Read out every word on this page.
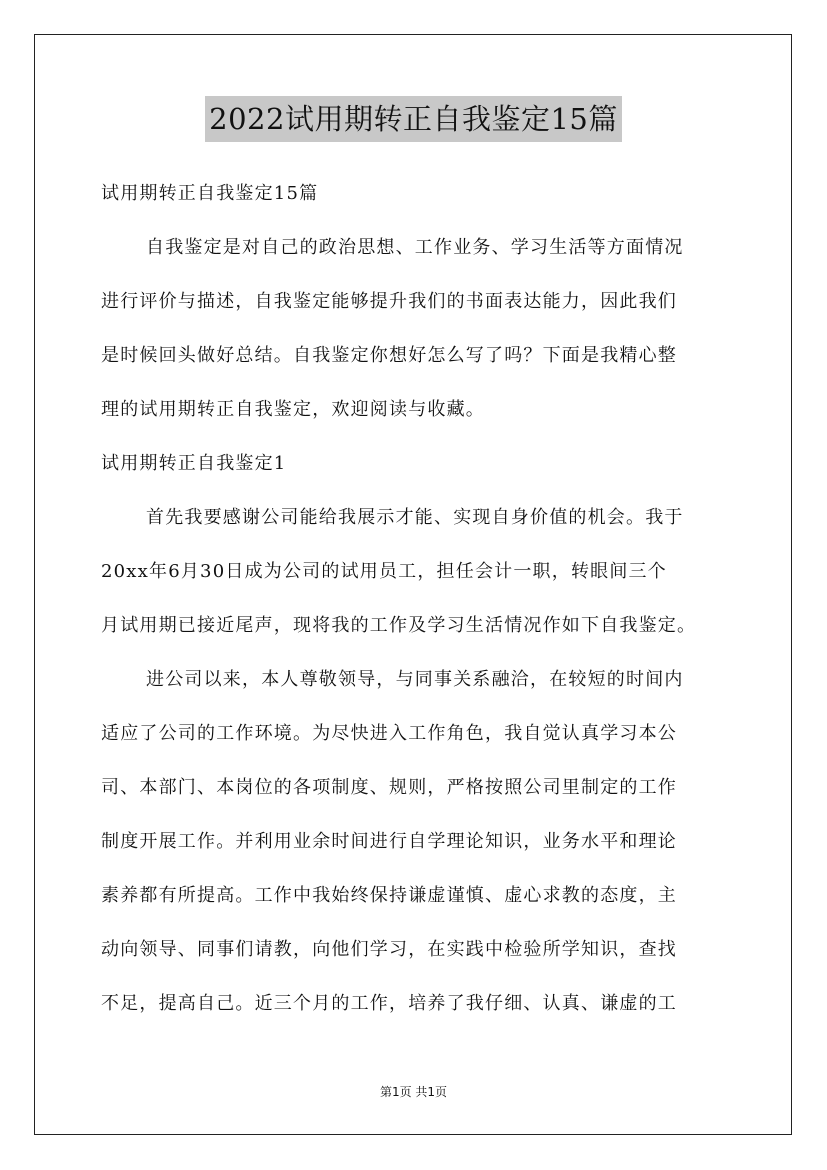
2022试用期转正自我鉴定15篇
试用期转正自我鉴定15篇
自我鉴定是对自己的政治思想、工作业务、学习生活等方面情况
进行评价与描述，自我鉴定能够提升我们的书面表达能力，因此我们
是时候回头做好总结。自我鉴定你想好怎么写了吗？下面是我精心整
理的试用期转正自我鉴定，欢迎阅读与收藏。
试用期转正自我鉴定1
首先我要感谢公司能给我展示才能、实现自身价值的机会。我于
20xx年6月30日成为公司的试用员工，担任会计一职，转眼间三个
月试用期已接近尾声，现将我的工作及学习生活情况作如下自我鉴定。
进公司以来，本人尊敬领导，与同事关系融洽，在较短的时间内
适应了公司的工作环境。为尽快进入工作角色，我自觉认真学习本公
司、本部门、本岗位的各项制度、规则，严格按照公司里制定的工作
制度开展工作。并利用业余时间进行自学理论知识，业务水平和理论
素养都有所提高。工作中我始终保持谦虚谨慎、虚心求教的态度，主
动向领导、同事们请教，向他们学习，在实践中检验所学知识，查找
不足，提高自己。近三个月的工作，培养了我仔细、认真、谦虚的工
第1页 共1页
